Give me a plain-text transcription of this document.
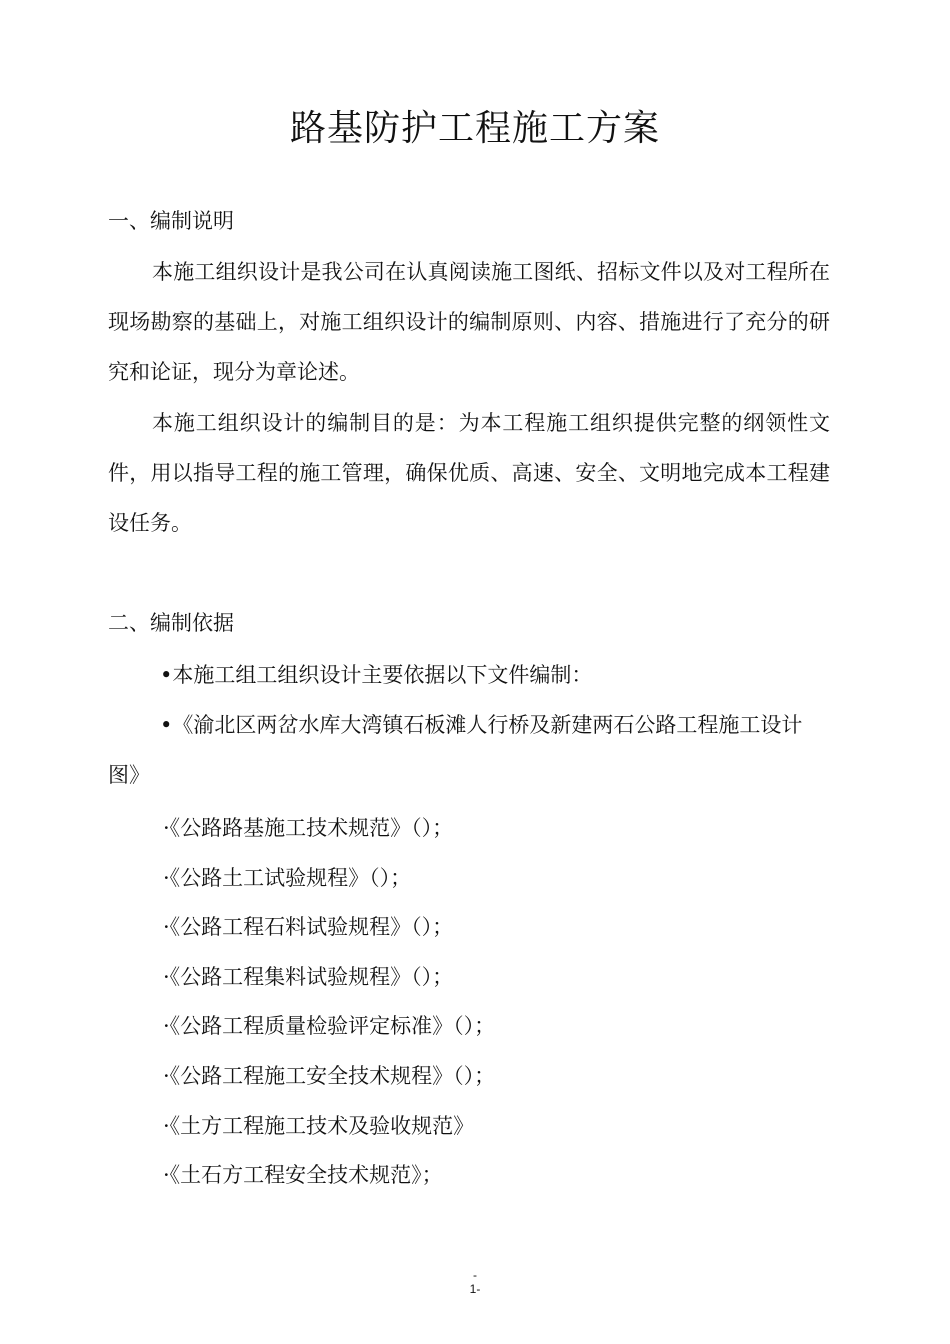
路基防护工程施工方案
一、编制说明

本施工组织设计是我公司在认真阅读施工图纸、招标文件以及对工程所在现场勘察的基础上，对施工组织设计的编制原则、内容、措施进行了充分的研究和论证，现分为章论述。

本施工组织设计的编制目的是：为本工程施工组织提供完整的纲领性文件，用以指导工程的施工管理，确保优质、高速、安全、文明地完成本工程建设任务。

二、编制依据

•本施工组工组织设计主要依据以下文件编制：

•《渝北区两岔水库大湾镇石板滩人行桥及新建两石公路工程施工设计图》

·《公路路基施工技术规范》（）；
·《公路土工试验规程》（）；
·《公路工程石料试验规程》（）；
·《公路工程集料试验规程》（）；
·《公路工程质量检验评定标准》（）；
·《公路工程施工安全技术规程》（）；
·《土方工程施工技术及验收规范》
·《土石方工程安全技术规范》；
-
1-
